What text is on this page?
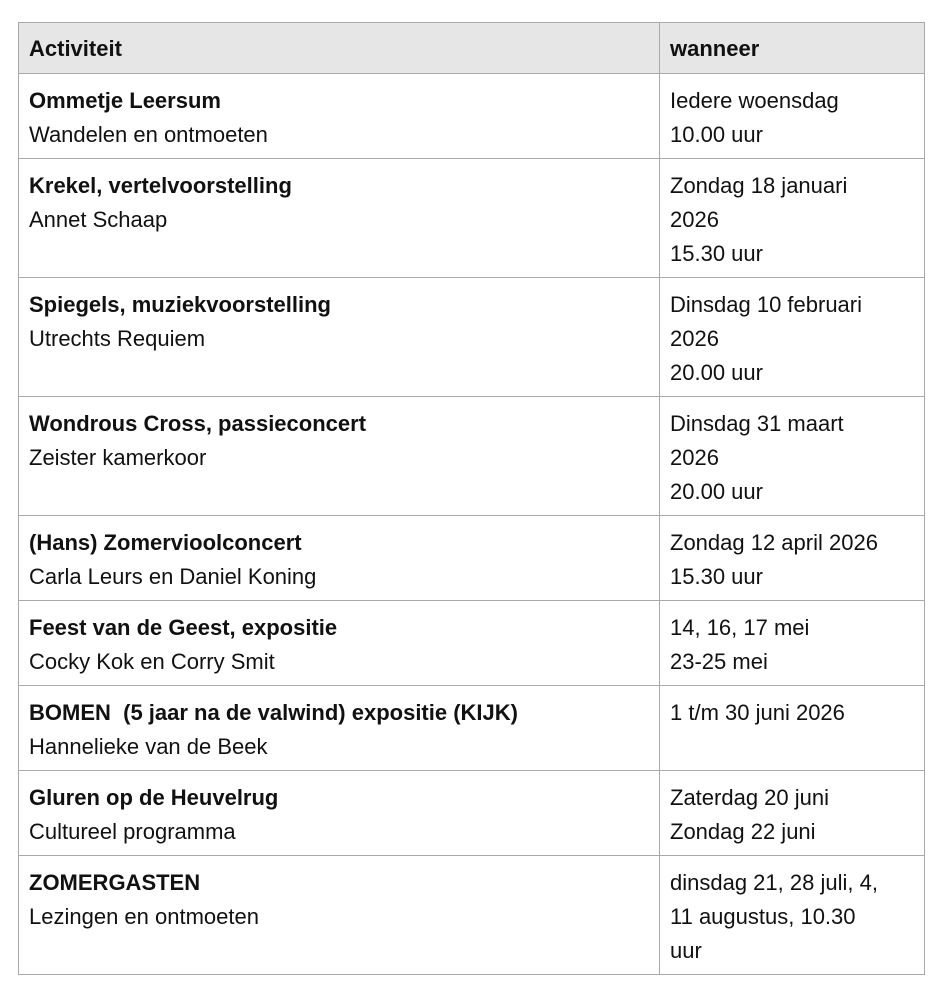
Activiteit	wanneer

Ommetje Leersum
Wandelen en ontmoeten	Iedere woensdag
10.00 uur

Krekel, vertelvoorstelling
Annet Schaap	Zondag 18 januari
2026
15.30 uur

Spiegels, muziekvoorstelling
Utrechts Requiem	Dinsdag 10 februari
2026
20.00 uur

Wondrous Cross, passieconcert
Zeister kamerkoor	Dinsdag 31 maart
2026
20.00 uur

(Hans) Zomervioolconcert
Carla Leurs en Daniel Koning	Zondag 12 april 2026
15.30 uur

Feest van de Geest, expositie
Cocky Kok en Corry Smit	14, 16, 17 mei
23-25 mei

BOMEN  (5 jaar na de valwind) expositie (KIJK)
Hannelieke van de Beek	1 t/m 30 juni 2026

Gluren op de Heuvelrug
Cultureel programma	Zaterdag 20 juni
Zondag 22 juni

ZOMERGASTEN
Lezingen en ontmoeten	dinsdag 21, 28 juli, 4,
11 augustus, 10.30
uur
